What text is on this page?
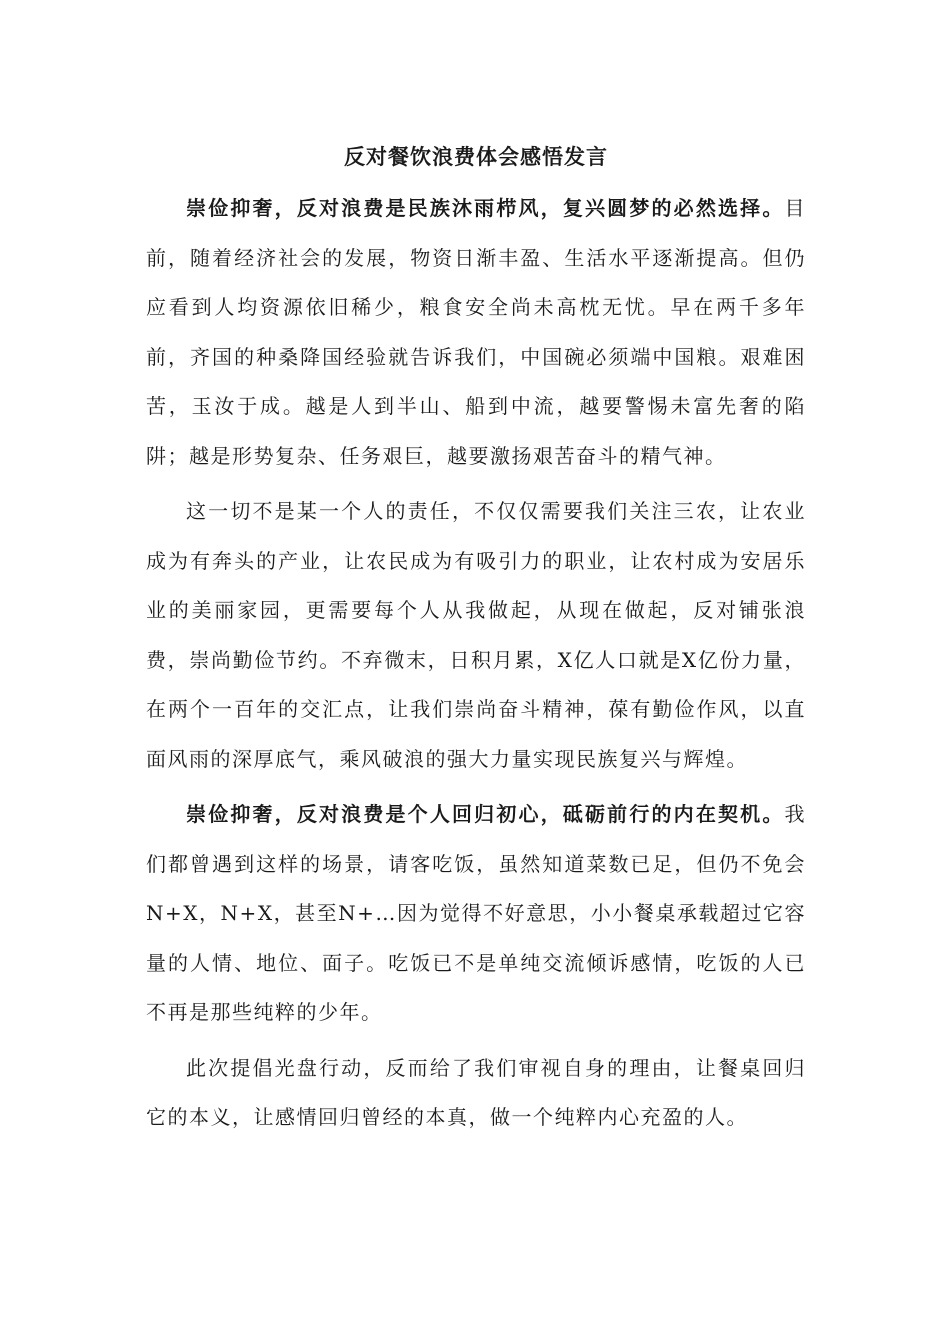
反对餐饮浪费体会感悟发言

崇俭抑奢，反对浪费是民族沐雨栉风，复兴圆梦的必然选择。目前，随着经济社会的发展，物资日渐丰盈、生活水平逐渐提高。但仍应看到人均资源依旧稀少，粮食安全尚未高枕无忧。早在两千多年前，齐国的种桑降国经验就告诉我们，中国碗必须端中国粮。艰难困苦，玉汝于成。越是人到半山、船到中流，越要警惕未富先奢的陷阱；越是形势复杂、任务艰巨，越要激扬艰苦奋斗的精气神。

这一切不是某一个人的责任，不仅仅需要我们关注三农，让农业成为有奔头的产业，让农民成为有吸引力的职业，让农村成为安居乐业的美丽家园，更需要每个人从我做起，从现在做起，反对铺张浪费，崇尚勤俭节约。不弃微末，日积月累，X亿人口就是X亿份力量，在两个一百年的交汇点，让我们崇尚奋斗精神，葆有勤俭作风，以直面风雨的深厚底气，乘风破浪的强大力量实现民族复兴与辉煌。

崇俭抑奢，反对浪费是个人回归初心，砥砺前行的内在契机。我们都曾遇到这样的场景，请客吃饭，虽然知道菜数已足，但仍不免会N+X，N+X，甚至N+…因为觉得不好意思，小小餐桌承载超过它容量的人情、地位、面子。吃饭已不是单纯交流倾诉感情，吃饭的人已不再是那些纯粹的少年。

此次提倡光盘行动，反而给了我们审视自身的理由，让餐桌回归它的本义，让感情回归曾经的本真，做一个纯粹内心充盈的人。
